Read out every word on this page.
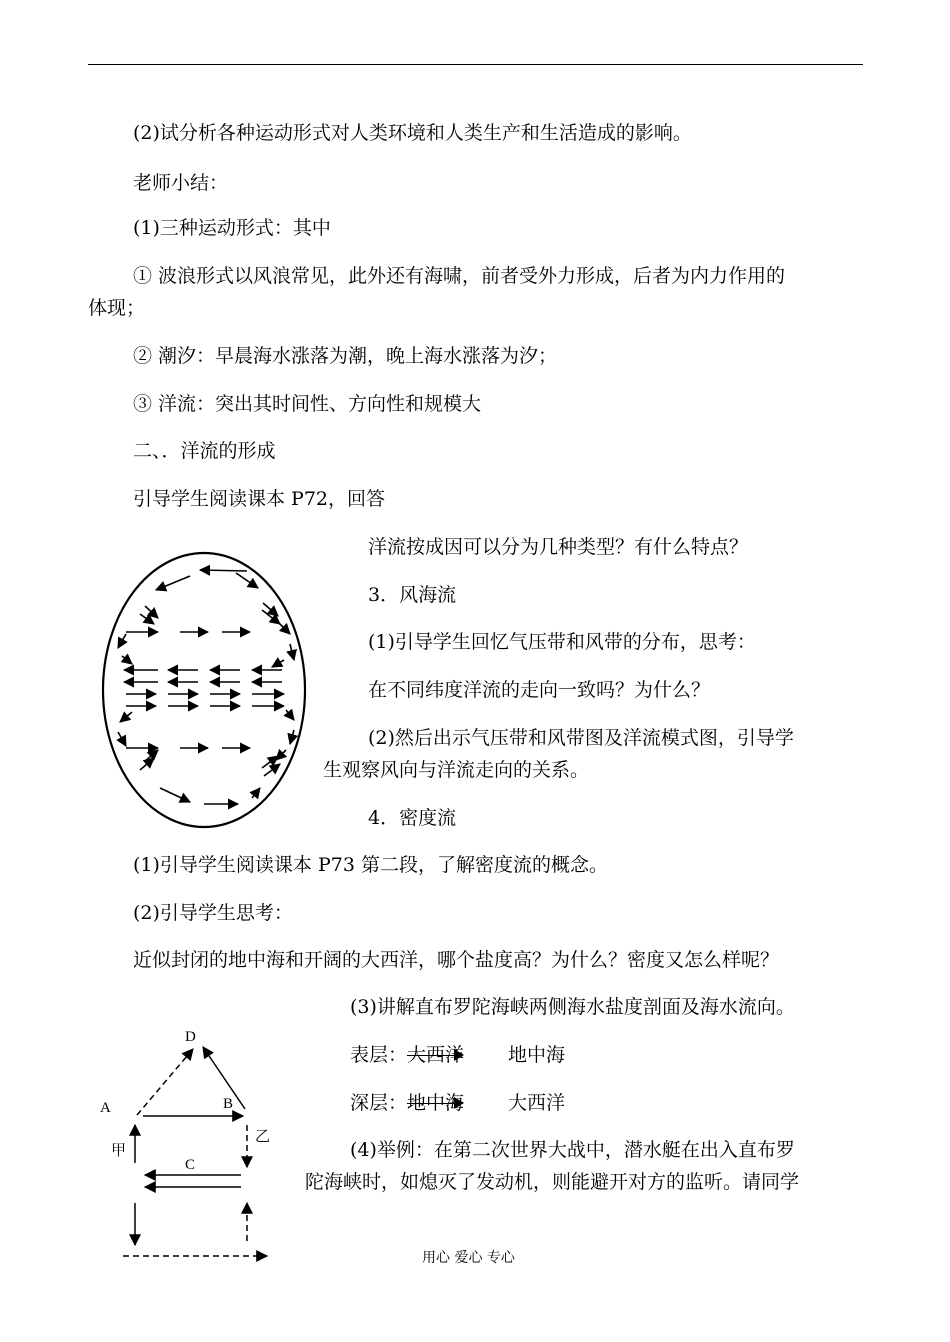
(2)试分析各种运动形式对人类环境和人类生产和生活造成的影响。
老师小结：
(1)三种运动形式：其中
① 波浪形式以风浪常见，此外还有海啸，前者受外力形成，后者为内力作用的
体现；
② 潮汐：早晨海水涨落为潮，晚上海水涨落为汐；
③ 洋流：突出其时间性、方向性和规模大
二、．洋流的形成
引导学生阅读课本 P72，回答
洋流按成因可以分为几种类型？有什么特点？
3．风海流
(1)引导学生回忆气压带和风带的分布，思考：
在不同纬度洋流的走向一致吗？为什么？
(2)然后出示气压带和风带图及洋流模式图，引导学
生观察风向与洋流走向的关系。
4．密度流
(1)引导学生阅读课本 P73 第二段，了解密度流的概念。
(2)引导学生思考：
近似封闭的地中海和开阔的大西洋，哪个盐度高？为什么？密度又怎么样呢？
(3)讲解直布罗陀海峡两侧海水盐度剖面及海水流向。
表层：大西洋 地中海
深层：地中海 大西洋
(4)举例：在第二次世界大战中，潜水艇在出入直布罗
陀海峡时，如熄灭了发动机，则能避开对方的监听。请同学
D
A	B
C
甲
乙
用心 爱心 专心
